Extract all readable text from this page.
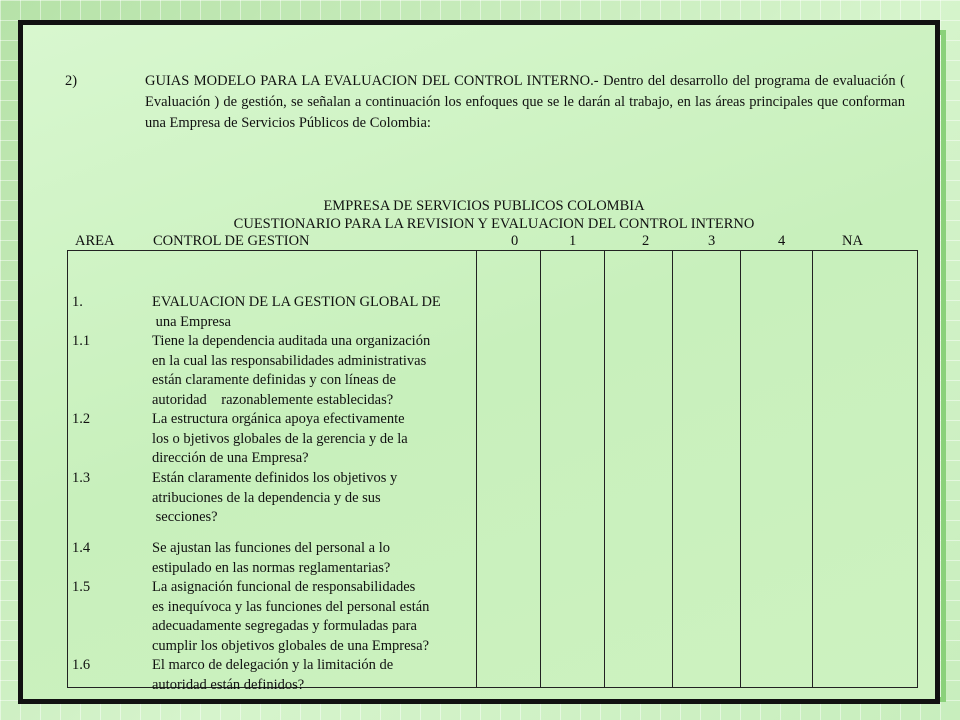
2)	GUIAS MODELO PARA LA EVALUACION DEL CONTROL INTERNO.- Dentro del desarrollo del programa de evaluación ( Evaluación ) de gestión, se señalan a continuación los enfoques que se le darán al trabajo, en las áreas principales que conforman una Empresa de Servicios Públicos de Colombia:
EMPRESA DE SERVICIOS PUBLICOS COLOMBIA
CUESTIONARIO PARA LA REVISION Y EVALUACION DEL CONTROL INTERNO
AREA	CONTROL DE GESTION	0	1	2	3	4	NA
1.	EVALUACION DE LA GESTION GLOBAL DE
una Empresa
1.1	Tiene la dependencia auditada una organización
en la cual las responsabilidades administrativas
están claramente definidas y con líneas de
autoridad    razonablemente establecidas?
1.2	La estructura orgánica apoya efectivamente
los o bjetivos globales de la gerencia y de la
dirección de una Empresa?
1.3	Están claramente definidos los objetivos y
atribuciones de la dependencia y de sus
secciones?
1.4	Se ajustan las funciones del personal a lo
estipulado en las normas reglamentarias?
1.5	La asignación funcional de responsabilidades
es inequívoca y las funciones del personal están
adecuadamente segregadas y formuladas para
cumplir los objetivos globales de una Empresa?
1.6	El marco de delegación y la limitación de
autoridad están definidos?
